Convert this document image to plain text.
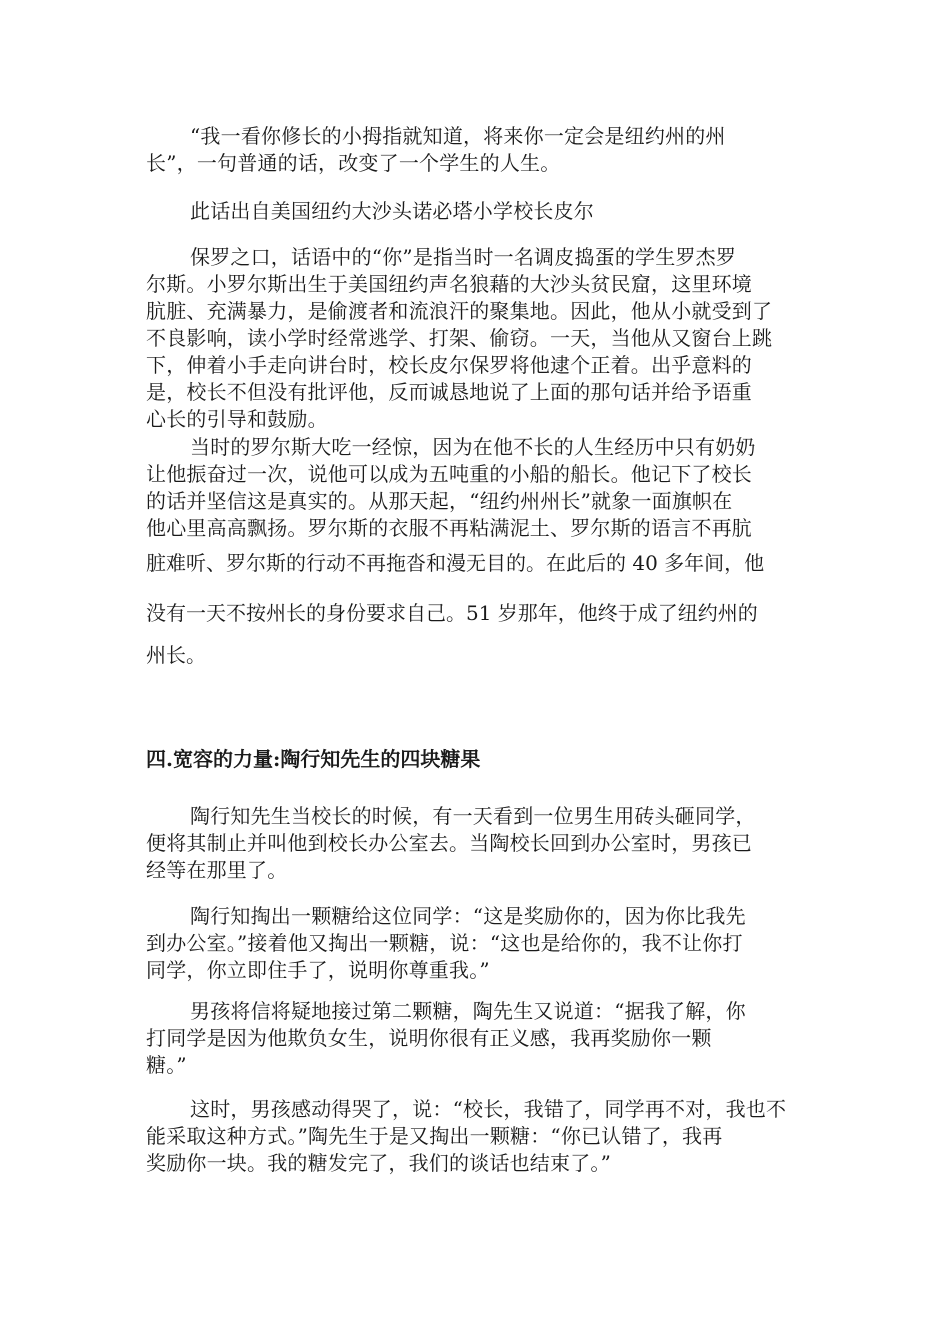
“我一看你修长的小拇指就知道，将来你一定会是纽约州的州
长”，一句普通的话，改变了一个学生的人生。

此话出自美国纽约大沙头诺必塔小学校长皮尔

保罗之口，话语中的“你”是指当时一名调皮捣蛋的学生罗杰罗
尔斯。小罗尔斯出生于美国纽约声名狼藉的大沙头贫民窟，这里环境
肮脏、充满暴力，是偷渡者和流浪汗的聚集地。因此，他从小就受到了
不良影响，读小学时经常逃学、打架、偷窃。一天，当他从又窗台上跳
下，伸着小手走向讲台时，校长皮尔保罗将他逮个正着。出乎意料的
是，校长不但没有批评他，反而诚恳地说了上面的那句话并给予语重
心长的引导和鼓励。

当时的罗尔斯大吃一经惊，因为在他不长的人生经历中只有奶奶
让他振奋过一次，说他可以成为五吨重的小船的船长。他记下了校长
的话并坚信这是真实的。从那天起，“纽约州州长”就象一面旗帜在
他心里高高飘扬。罗尔斯的衣服不再粘满泥土、罗尔斯的语言不再肮

脏难听、罗尔斯的行动不再拖沓和漫无目的。在此后的 40 多年间，他

没有一天不按州长的身份要求自己。51 岁那年，他终于成了纽约州的

州长。

四.宽容的力量:陶行知先生的四块糖果

陶行知先生当校长的时候，有一天看到一位男生用砖头砸同学，
便将其制止并叫他到校长办公室去。当陶校长回到办公室时，男孩已
经等在那里了。

陶行知掏出一颗糖给这位同学：“这是奖励你的，因为你比我先
到办公室。”接着他又掏出一颗糖，说：“这也是给你的，我不让你打
同学，你立即住手了，说明你尊重我。”

男孩将信将疑地接过第二颗糖，陶先生又说道：“据我了解，你
打同学是因为他欺负女生，说明你很有正义感，我再奖励你一颗
糖。”

这时，男孩感动得哭了，说：“校长，我错了，同学再不对，我也不
能采取这种方式。”陶先生于是又掏出一颗糖：“你已认错了，我再
奖励你一块。我的糖发完了，我们的谈话也结束了。”
